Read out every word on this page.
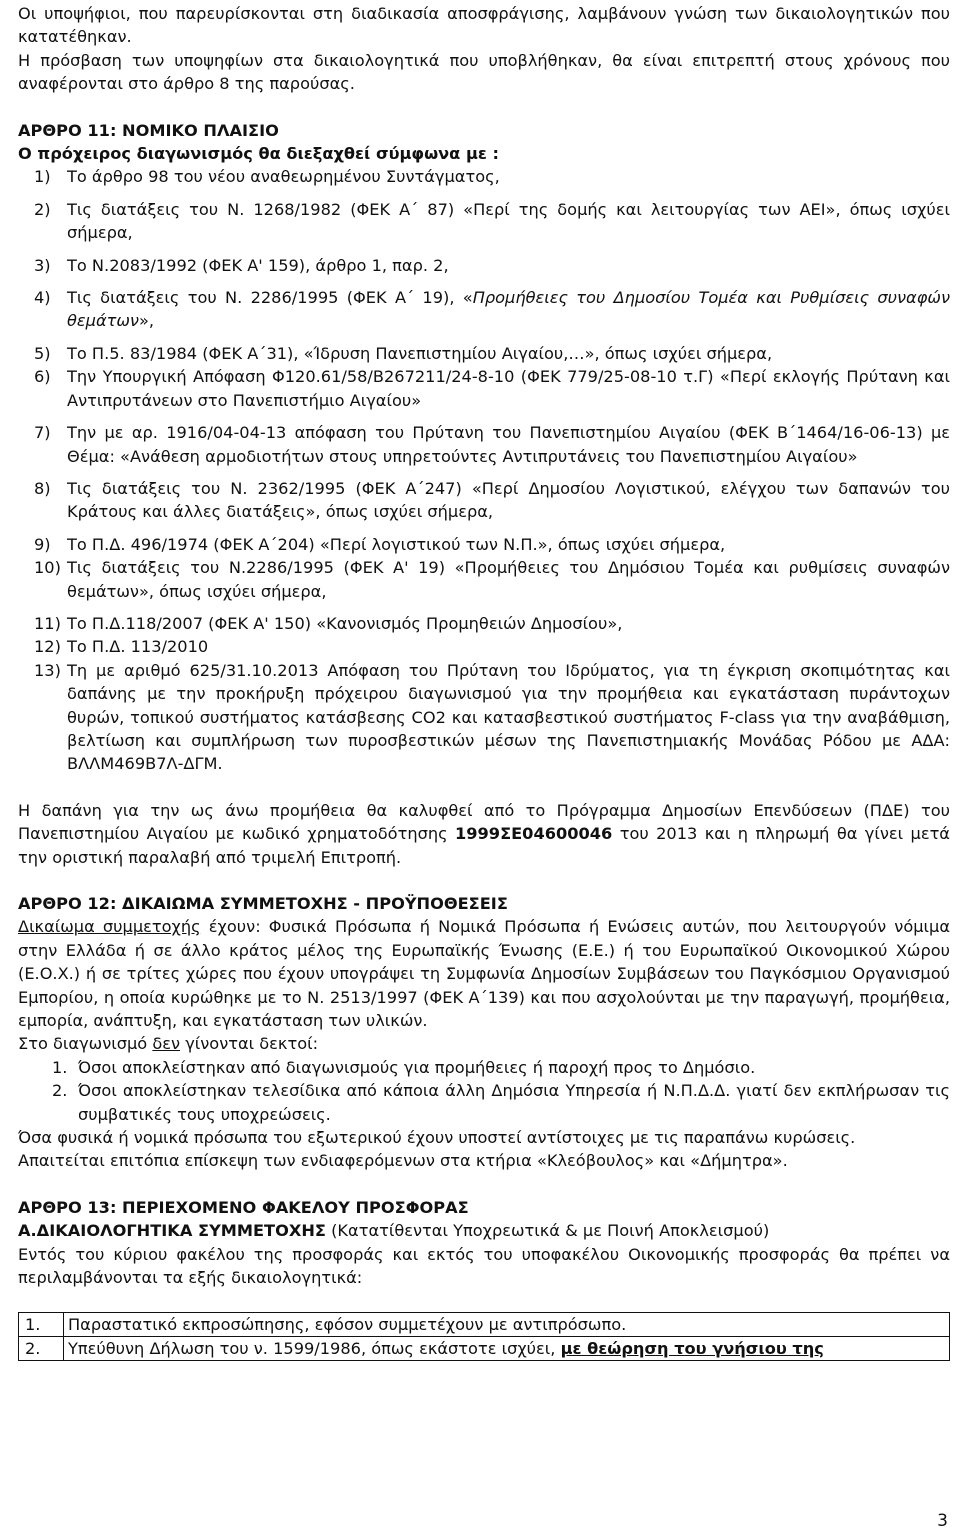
Οι υποψήφιοι, που παρευρίσκονται στη διαδικασία αποσφράγισης, λαμβάνουν γνώση των δικαιολογητικών που κατατέθηκαν.

Η πρόσβαση των υποψηφίων στα δικαιολογητικά που υποβλήθηκαν, θα είναι επιτρεπτή στους χρόνους που αναφέρονται στο άρθρο 8 της παρούσας.

ΑΡΘΡΟ 11: ΝΟΜΙΚΟ ΠΛΑΙΣΙΟ

Ο πρόχειρος διαγωνισμός θα διεξαχθεί σύμφωνα με :

1) Το άρθρο 98 του νέου αναθεωρημένου Συντάγματος,
2) Τις διατάξεις του Ν. 1268/1982 (ΦΕΚ Α΄ 87) «Περί της δομής και λειτουργίας των ΑΕΙ», όπως ισχύει σήμερα,
3) Το Ν.2083/1992 (ΦΕΚ Α' 159), άρθρο 1, παρ. 2,
4) Τις διατάξεις του Ν. 2286/1995 (ΦΕΚ Α΄ 19), «Προμήθειες του Δημοσίου Τομέα και Ρυθμίσεις συναφών θεμάτων»,
5) Το Π.5. 83/1984 (ΦΕΚ Α΄31), «Ίδρυση Πανεπιστημίου Αιγαίου,…», όπως ισχύει σήμερα,
6) Την Υπουργική Απόφαση Φ120.61/58/Β267211/24-8-10 (ΦΕΚ 779/25-08-10 τ.Γ) «Περί εκλογής Πρύτανη και Αντιπρυτάνεων στο Πανεπιστήμιο Αιγαίου»
7) Την με αρ. 1916/04-04-13 απόφαση του Πρύτανη του Πανεπιστημίου Αιγαίου (ΦΕΚ Β΄1464/16-06-13) με Θέμα: «Ανάθεση αρμοδιοτήτων στους υπηρετούντες Αντιπρυτάνεις του Πανεπιστημίου Αιγαίου»
8) Τις διατάξεις του Ν. 2362/1995 (ΦΕΚ Α΄247) «Περί Δημοσίου Λογιστικού, ελέγχου των δαπανών του Κράτους και άλλες διατάξεις», όπως ισχύει σήμερα,
9) Το Π.Δ. 496/1974 (ΦΕΚ Α΄204) «Περί λογιστικού των Ν.Π.», όπως ισχύει σήμερα,
10) Τις διατάξεις του Ν.2286/1995 (ΦΕΚ Α' 19) «Προμήθειες του Δημόσιου Τομέα και ρυθμίσεις συναφών θεμάτων», όπως ισχύει σήμερα,
11) Το Π.Δ.118/2007 (ΦΕΚ Α' 150) «Κανονισμός Προμηθειών Δημοσίου»,
12) Το Π.Δ. 113/2010
13) Τη με αριθμό 625/31.10.2013 Απόφαση του Πρύτανη του Ιδρύματος, για τη έγκριση σκοπιμότητας και δαπάνης με την προκήρυξη πρόχειρου διαγωνισμού για την προμήθεια και εγκατάσταση πυράντοχων θυρών, τοπικού συστήματος κατάσβεσης CO2 και κατασβεστικού συστήματος F-class για την αναβάθμιση, βελτίωση και συμπλήρωση των πυροσβεστικών μέσων της Πανεπιστημιακής Μονάδας Ρόδου με ΑΔΑ: ΒΛΛΜ469Β7Λ-ΔΓΜ.

Η δαπάνη για την ως άνω προμήθεια θα καλυφθεί από το Πρόγραμμα Δημοσίων Επενδύσεων (ΠΔΕ) του Πανεπιστημίου Αιγαίου με κωδικό χρηματοδότησης 1999ΣΕ04600046 του 2013 και η πληρωμή θα γίνει μετά την οριστική παραλαβή από τριμελή Επιτροπή.

ΑΡΘΡΟ 12: ΔΙΚΑΙΩΜΑ ΣΥΜΜΕΤΟΧΗΣ - ΠΡΟΫΠΟΘΕΣΕΙΣ

Δικαίωμα συμμετοχής έχουν: Φυσικά Πρόσωπα ή Νομικά Πρόσωπα ή Ενώσεις αυτών, που λειτουργούν νόμιμα στην Ελλάδα ή σε άλλο κράτος μέλος της Ευρωπαϊκής Ένωσης (Ε.Ε.) ή του Ευρωπαϊκού Οικονομικού Χώρου (Ε.Ο.Χ.) ή σε τρίτες χώρες που έχουν υπογράψει τη Συμφωνία Δημοσίων Συμβάσεων του Παγκόσμιου Οργανισμού Εμπορίου, η οποία κυρώθηκε με το Ν. 2513/1997 (ΦΕΚ Α΄139) και που ασχολούνται με την παραγωγή, προμήθεια, εμπορία, ανάπτυξη, και εγκατάσταση των υλικών.

Στο διαγωνισμό δεν γίνονται δεκτοί:

1. Όσοι αποκλείστηκαν από διαγωνισμούς για προμήθειες ή παροχή προς το Δημόσιο.
2. Όσοι αποκλείστηκαν τελεσίδικα από κάποια άλλη Δημόσια Υπηρεσία ή Ν.Π.Δ.Δ. γιατί δεν εκπλήρωσαν τις συμβατικές τους υποχρεώσεις.

Όσα φυσικά ή νομικά πρόσωπα του εξωτερικού έχουν υποστεί αντίστοιχες με τις παραπάνω κυρώσεις.

Απαιτείται επιτόπια επίσκεψη των ενδιαφερόμενων στα κτήρια «Κλεόβουλος» και «Δήμητρα».

ΑΡΘΡΟ 13: ΠΕΡΙΕΧΟΜΕΝΟ ΦΑΚΕΛΟΥ ΠΡΟΣΦΟΡΑΣ

Α.ΔΙΚΑΙΟΛΟΓΗΤΙΚΑ ΣΥΜΜΕΤΟΧΗΣ (Κατατίθενται Υποχρεωτικά & με Ποινή Αποκλεισμού)

Εντός του κύριου φακέλου της προσφοράς και εκτός του υποφακέλου Οικονομικής προσφοράς θα πρέπει να περιλαμβάνονται τα εξής δικαιολογητικά:

1.	Παραστατικό εκπροσώπησης, εφόσον συμμετέχουν με αντιπρόσωπο.
2.	Υπεύθυνη Δήλωση του ν. 1599/1986, όπως εκάστοτε ισχύει, με θεώρηση του γνήσιου της
3
